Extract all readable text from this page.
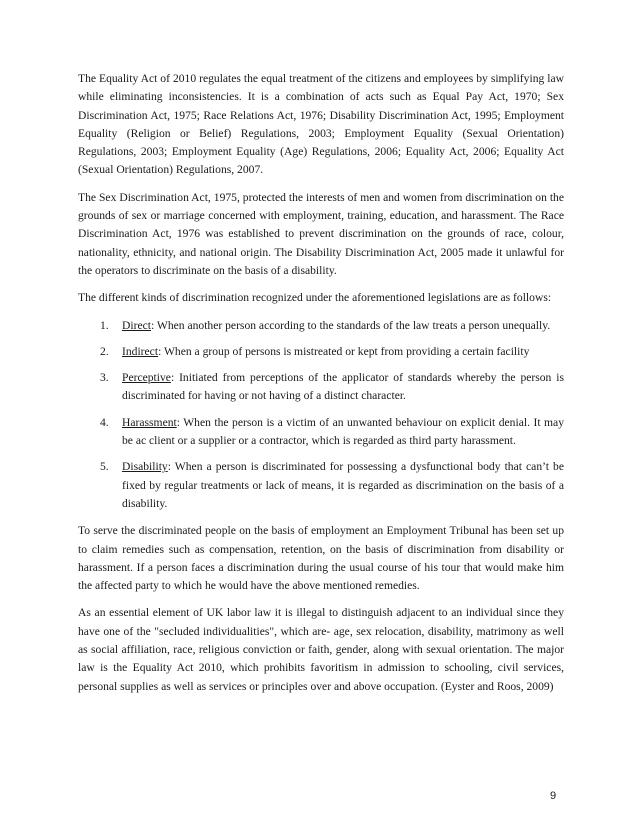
The Equality Act of 2010 regulates the equal treatment of the citizens and employees by simplifying law while eliminating inconsistencies. It is a combination of acts such as Equal Pay Act, 1970; Sex Discrimination Act, 1975; Race Relations Act, 1976; Disability Discrimination Act, 1995; Employment Equality (Religion or Belief) Regulations, 2003; Employment Equality (Sexual Orientation) Regulations, 2003; Employment Equality (Age) Regulations, 2006; Equality Act, 2006; Equality Act (Sexual Orientation) Regulations, 2007.

The Sex Discrimination Act, 1975, protected the interests of men and women from discrimination on the grounds of sex or marriage concerned with employment, training, education, and harassment. The Race Discrimination Act, 1976 was established to prevent discrimination on the grounds of race, colour, nationality, ethnicity, and national origin. The Disability Discrimination Act, 2005 made it unlawful for the operators to discriminate on the basis of a disability.

The different kinds of discrimination recognized under the aforementioned legislations are as follows:

1. Direct: When another person according to the standards of the law treats a person unequally.
2. Indirect: When a group of persons is mistreated or kept from providing a certain facility
3. Perceptive: Initiated from perceptions of the applicator of standards whereby the person is discriminated for having or not having of a distinct character.
4. Harassment: When the person is a victim of an unwanted behaviour on explicit denial. It may be ac client or a supplier or a contractor, which is regarded as third party harassment.
5. Disability: When a person is discriminated for possessing a dysfunctional body that can’t be fixed by regular treatments or lack of means, it is regarded as discrimination on the basis of a disability.

To serve the discriminated people on the basis of employment an Employment Tribunal has been set up to claim remedies such as compensation, retention, on the basis of discrimination from disability or harassment. If a person faces a discrimination during the usual course of his tour that would make him the affected party to which he would have the above mentioned remedies.

As an essential element of UK labor law it is illegal to distinguish adjacent to an individual since they have one of the "secluded individualities", which are- age, sex relocation, disability, matrimony as well as social affiliation, race, religious conviction or faith, gender, along with sexual orientation. The major law is the Equality Act 2010, which prohibits favoritism in admission to schooling, civil services, personal supplies as well as services or principles over and above occupation. (Eyster and Roos, 2009)

9
